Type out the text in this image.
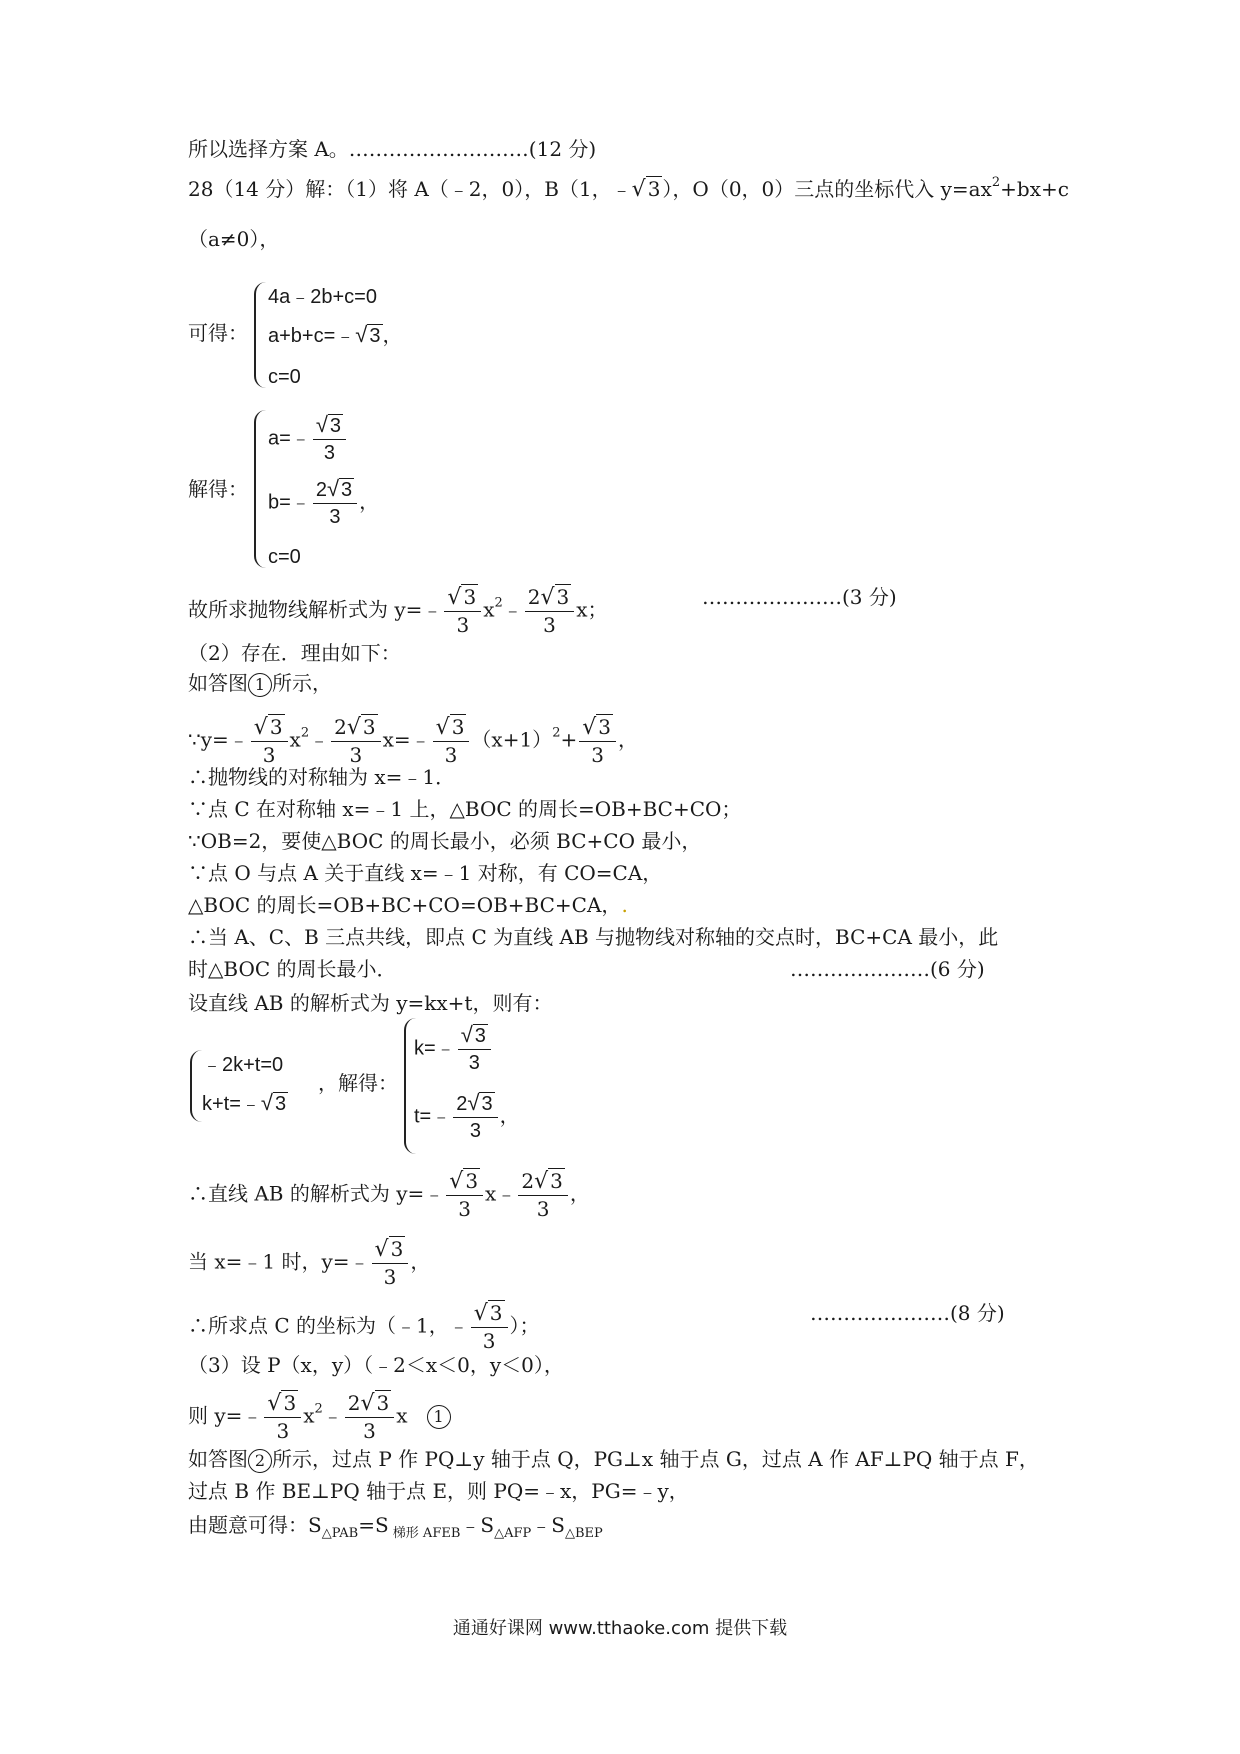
所以选择方案 A。………………………(12 分)
28（14 分）解：（1）将 A（﹣2，0），B（1，﹣√ 3 ），O（0，0）三点的坐标代入 $y=ax^2+bx+c$
（a≠0），
可得：
4a﹣2b+c=0
a+b+c=﹣√ 3 ，
c=0
解得：
a=﹣ $\frac{√ 3}{3}$
b=﹣ $\frac{2√ 3}{3}$ ，
c=0
故所求抛物线解析式为 y=﹣ $\frac{√ 3}{3}$ $x^2﹣ \frac{2√ 3}{3}$ x；
…………………(3 分)
（2）存在．理由如下：
如答图 1 所示，
∵y=﹣ $\frac{√ 3}{3}$ $x^2﹣ \frac{2√ 3}{3}$ x=﹣ $\frac{√ 3}{3} (x+1)^2+ \frac{√ 3}{3}$ ，
∴抛物线的对称轴为 x=﹣1．
∵点 C 在对称轴 x=﹣1 上，△BOC 的周长=OB+BC+CO；
∵OB=2，要使△BOC 的周长最小，必须 BC+CO 最小，
∵点 O 与点 A 关于直线 x=﹣1 对称，有 CO=CA，
△BOC 的周长=OB+BC+CO=OB+BC+CA，.
∴当 A、C、B 三点共线，即点 C 为直线 AB 与抛物线对称轴的交点时，BC+CA 最小，此
时△BOC 的周长最小．	…………………(6 分)
设直线 AB 的解析式为 y=kx+t，则有：
﹣2k+t=0
k+t=﹣√ 3
，解得：
k=﹣ $\frac{√ 3}{3}$
t=﹣ $\frac{2√ 3}{3}$ ，
∴直线 AB 的解析式为 y=﹣ $\frac{√ 3}{3}$ x﹣ $\frac{2√ 3}{3}$ ，
当 x=﹣1 时，y=﹣ $\frac{√ 3}{3}$ ，
∴所求点 C 的坐标为（﹣1，﹣ $\frac{√ 3}{3}$ ）；
…………………(8 分)
（3）设 P（x，y）（﹣2＜x＜0，y＜0），
则 y=﹣ $\frac{√ 3}{3}$ $x^2﹣ \frac{2√ 3}{3}$ x 1
如答图 2 所示，过点 P 作 PQ⊥y 轴于点 Q，PG⊥x 轴于点 G，过点 A 作 AF⊥PQ 轴于点 F，
过点 B 作 BE⊥PQ 轴于点 E，则 PQ=﹣x，PG=﹣y，
由题意可得：$S_{\triangle PAB}=S$ $_{梯形 AFEB}﹣S_{\triangle AFP}﹣S_{\triangle BEP}$
通通好课网 www.tthaoke.com 提供下载
